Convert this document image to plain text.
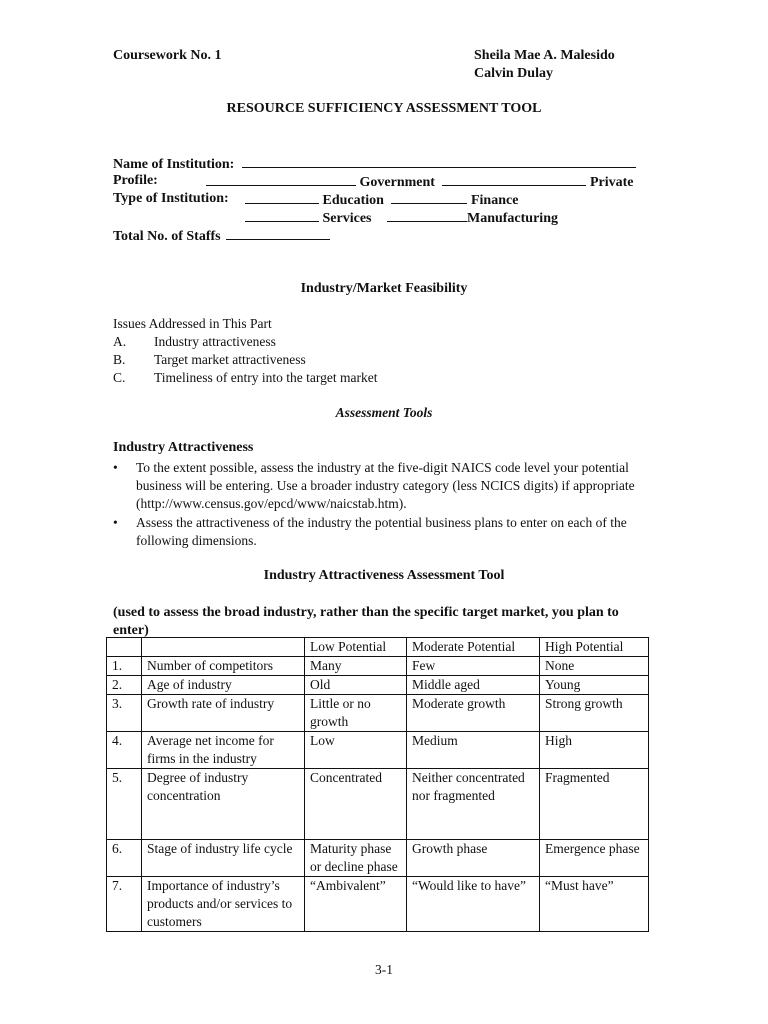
Coursework No. 1	Sheila Mae A. Malesido
Calvin Dulay
RESOURCE SUFFICIENCY ASSESSMENT TOOL
Name of Institution:
Profile:	Government	Private
Type of Institution:	Education	Finance
Services	Manufacturing
Total No. of Staffs
Industry/Market Feasibility
Issues Addressed in This Part
A. Industry attractiveness
B. Target market attractiveness
C. Timeliness of entry into the target market
Assessment Tools
Industry Attractiveness
• To the extent possible, assess the industry at the five-digit NAICS code level your potential business will be entering. Use a broader industry category (less NCICS digits) if appropriate (http://www.census.gov/epcd/www/naicstab.htm).
• Assess the attractiveness of the industry the potential business plans to enter on each of the following dimensions.
Industry Attractiveness Assessment Tool
(used to assess the broad industry, rather than the specific target market, you plan to enter)
		Low Potential	Moderate Potential	High Potential
1.	Number of competitors	Many	Few	None
2.	Age of industry	Old	Middle aged	Young
3.	Growth rate of industry	Little or no growth	Moderate growth	Strong growth
4.	Average net income for firms in the industry	Low	Medium	High
5.	Degree of industry concentration	Concentrated	Neither concentrated nor fragmented	Fragmented
6.	Stage of industry life cycle	Maturity phase or decline phase	Growth phase	Emergence phase
7.	Importance of industry’s products and/or services to customers	“Ambivalent”	“Would like to have”	“Must have”
3-1
